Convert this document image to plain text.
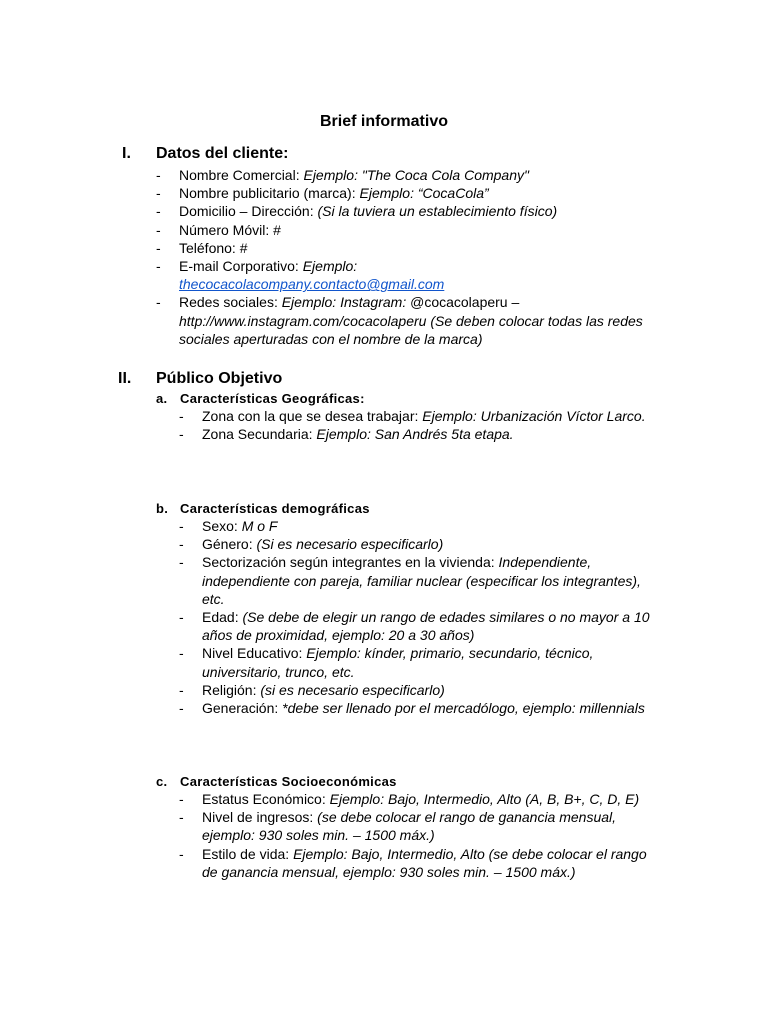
Brief informativo
I. Datos del cliente:
- Nombre Comercial: Ejemplo: "The Coca Cola Company"
- Nombre publicitario (marca): Ejemplo: “CocaCola”
- Domicilio – Dirección: (Si la tuviera un establecimiento físico)
- Número Móvil: #
- Teléfono: #
- E-mail Corporativo: Ejemplo:
thecocacolacompany.contacto@gmail.com
- Redes sociales: Ejemplo: Instagram: @cocacolaperu – http://www.instagram.com/cocacolaperu (Se deben colocar todas las redes sociales aperturadas con el nombre de la marca)
II. Público Objetivo
a. Características Geográficas:
- Zona con la que se desea trabajar: Ejemplo: Urbanización Víctor Larco.
- Zona Secundaria: Ejemplo: San Andrés 5ta etapa.
b. Características demográficas
- Sexo: M o F
- Género: (Si es necesario especificarlo)
- Sectorización según integrantes en la vivienda: Independiente, independiente con pareja, familiar nuclear (especificar los integrantes), etc.
- Edad: (Se debe de elegir un rango de edades similares o no mayor a 10 años de proximidad, ejemplo: 20 a 30 años)
- Nivel Educativo: Ejemplo: kínder, primario, secundario, técnico, universitario, trunco, etc.
- Religión: (si es necesario especificarlo)
- Generación: *debe ser llenado por el mercadólogo, ejemplo: millennials
c. Características Socioeconómicas
- Estatus Económico: Ejemplo: Bajo, Intermedio, Alto (A, B, B+, C, D, E)
- Nivel de ingresos: (se debe colocar el rango de ganancia mensual, ejemplo: 930 soles min. – 1500 máx.)
- Estilo de vida: Ejemplo: Bajo, Intermedio, Alto (se debe colocar el rango de ganancia mensual, ejemplo: 930 soles min. – 1500 máx.)
